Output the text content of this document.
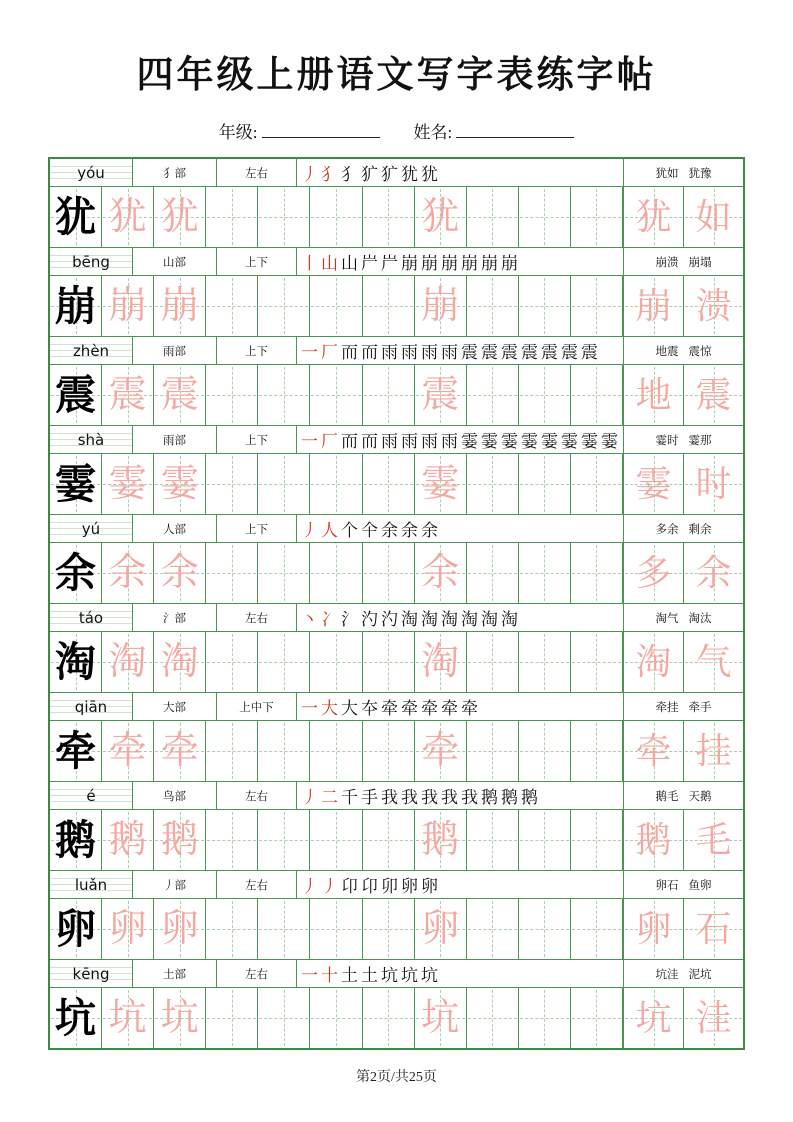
四年级上册语文写字表练字帖
年级:	姓名:
yóu	犭部	左右 丿 犭 犭 犷 犷 犹 犹	犹如 犹豫
犹 犹 犹	犹	犹 如
bēng	山部	上下 丨 山 山 屵 屵 崩 崩 崩 崩 崩 崩	崩溃 崩塌
崩 崩 崩	崩	崩 溃
zhèn	雨部	上下 一 厂 而 而 雨 雨 雨 雨 震 震 震 震 震 震 震	地震 震惊
震 震 震	震	地 震
shà	雨部	上下 一 厂 而 而 雨 雨 雨 雨 霎 霎 霎 霎 霎 霎 霎 霎	霎时 霎那
霎 霎 霎	霎	霎 时
yú	人部	上下 丿 人 个 仐 余 余 余	多余 剩余
余 余 余	余	多 余
táo	氵部	左右 丶 冫 氵 汋 汋 淘 淘 淘 淘 淘 淘	淘气 淘汰
淘 淘 淘	淘	淘 气
qiān	大部	上中下 一 大 大 夲 牵 牵 牵 牵 牵	牵挂 牵手
牵 牵 牵	牵	牵 挂
é	鸟部	左右 丿 二 千 手 我 我 我 我 我 鹅 鹅 鹅	鹅毛 天鹅
鹅 鹅 鹅	鹅	鹅 毛
luǎn	丿部	左右 丿 丿 卬 卬 卯 卵 卵	卵石 鱼卵
卵 卵 卵	卵	卵 石
kēng	土部	左右 一 十 土 土 坑 坑 坑	坑洼 泥坑
坑 坑 坑	坑	坑 洼
第2页/共25页
